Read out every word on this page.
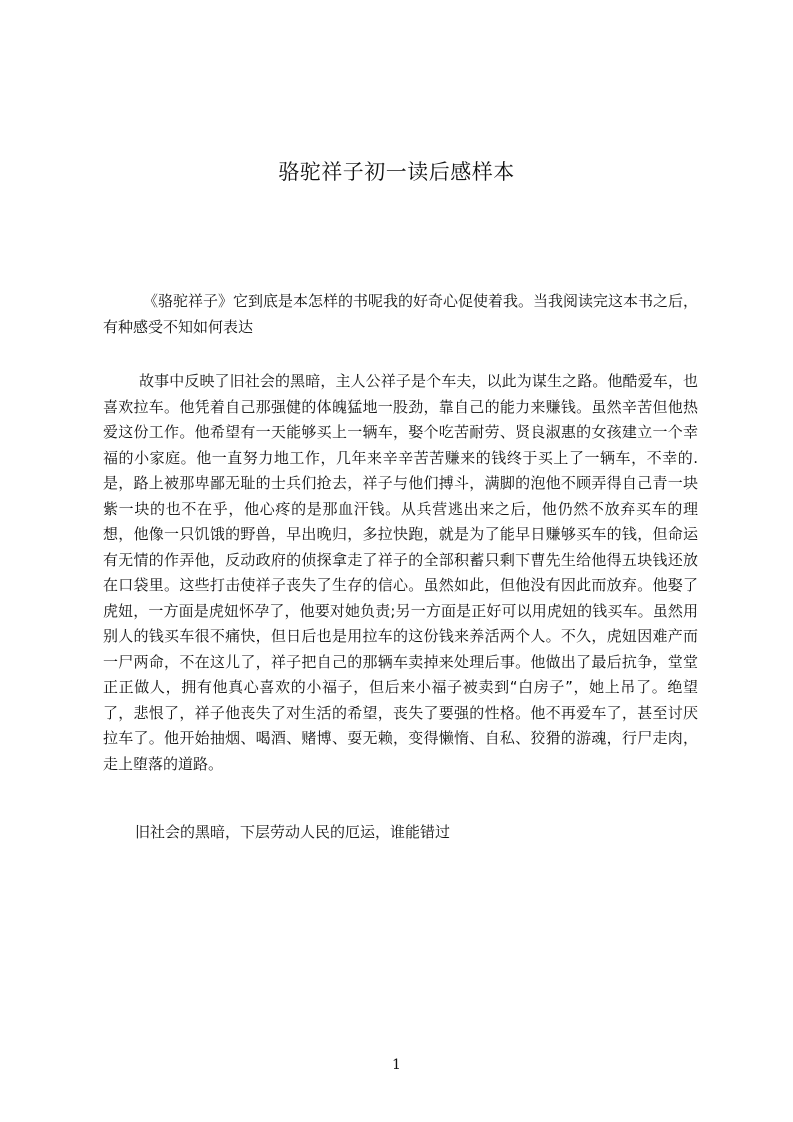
骆驼祥子初一读后感样本

《骆驼祥子》它到底是本怎样的书呢我的好奇心促使着我。当我阅读完这本书之后，有种感受不知如何表达

故事中反映了旧社会的黑暗，主人公祥子是个车夫，以此为谋生之路。他酷爱车，也喜欢拉车。他凭着自己那强健的体魄猛地一股劲，靠自己的能力来赚钱。虽然辛苦但他热爱这份工作。他希望有一天能够买上一辆车，娶个吃苦耐劳、贤良淑惠的女孩建立一个幸福的小家庭。他一直努力地工作，几年来辛辛苦苦赚来的钱终于买上了一辆车，不幸的.是，路上被那卑鄙无耻的士兵们抢去，祥子与他们搏斗，满脚的泡他不顾弄得自己青一块紫一块的也不在乎，他心疼的是那血汗钱。从兵营逃出来之后，他仍然不放弃买车的理想，他像一只饥饿的野兽，早出晚归，多拉快跑，就是为了能早日赚够买车的钱，但命运有无情的作弄他，反动政府的侦探拿走了祥子的全部积蓄只剩下曹先生给他得五块钱还放在口袋里。这些打击使祥子丧失了生存的信心。虽然如此，但他没有因此而放弃。他娶了虎妞，一方面是虎妞怀孕了，他要对她负责;另一方面是正好可以用虎妞的钱买车。虽然用别人的钱买车很不痛快，但日后也是用拉车的这份钱来养活两个人。不久，虎妞因难产而一尸两命，不在这儿了，祥子把自己的那辆车卖掉来处理后事。他做出了最后抗争，堂堂正正做人，拥有他真心喜欢的小福子，但后来小福子被卖到“白房子”，她上吊了。绝望了，悲恨了，祥子他丧失了对生活的希望，丧失了要强的性格。他不再爱车了，甚至讨厌拉车了。他开始抽烟、喝酒、赌博、耍无赖，变得懒惰、自私、狡猾的游魂，行尸走肉，走上堕落的道路。

旧社会的黑暗，下层劳动人民的厄运，谁能错过

1
